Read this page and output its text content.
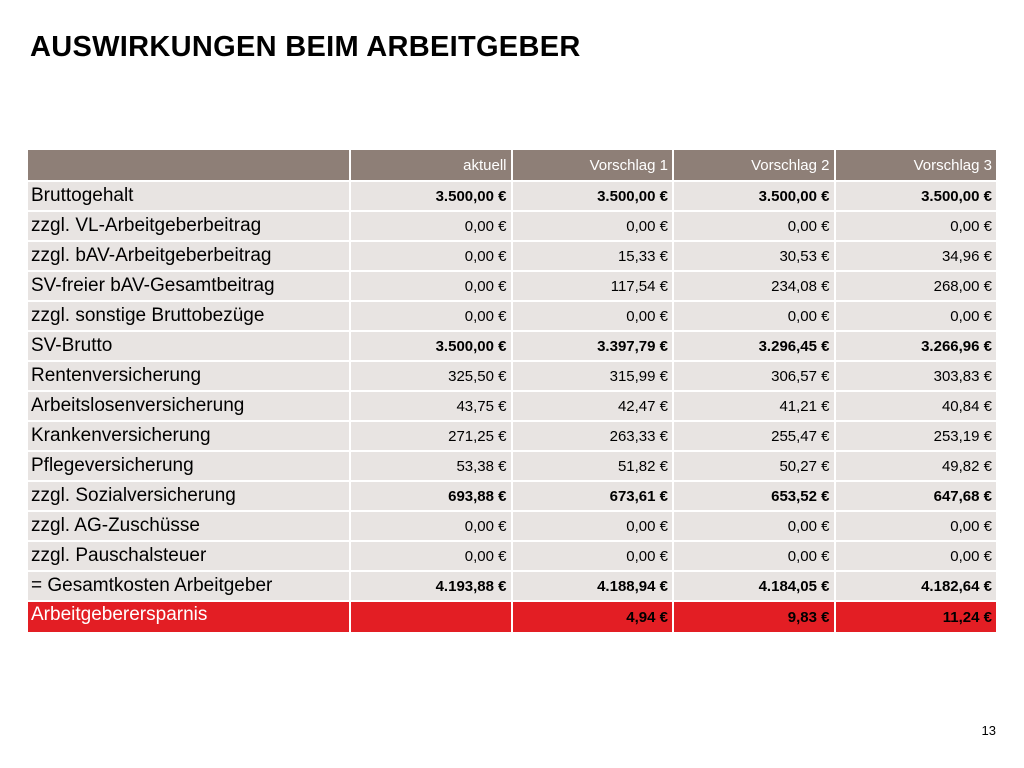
AUSWIRKUNGEN BEIM ARBEITGEBER
	aktuell	Vorschlag 1	Vorschlag 2	Vorschlag 3
Bruttogehalt	3.500,00 €	3.500,00 €	3.500,00 €	3.500,00 €
zzgl. VL-Arbeitgeberbeitrag	0,00 €	0,00 €	0,00 €	0,00 €
zzgl. bAV-Arbeitgeberbeitrag	0,00 €	15,33 €	30,53 €	34,96 €
SV-freier bAV-Gesamtbeitrag	0,00 €	117,54 €	234,08 €	268,00 €
zzgl. sonstige Bruttobezüge	0,00 €	0,00 €	0,00 €	0,00 €
SV-Brutto	3.500,00 €	3.397,79 €	3.296,45 €	3.266,96 €
Rentenversicherung	325,50 €	315,99 €	306,57 €	303,83 €
Arbeitslosenversicherung	43,75 €	42,47 €	41,21 €	40,84 €
Krankenversicherung	271,25 €	263,33 €	255,47 €	253,19 €
Pflegeversicherung	53,38 €	51,82 €	50,27 €	49,82 €
zzgl. Sozialversicherung	693,88 €	673,61 €	653,52 €	647,68 €
zzgl. AG-Zuschüsse	0,00 €	0,00 €	0,00 €	0,00 €
zzgl. Pauschalsteuer	0,00 €	0,00 €	0,00 €	0,00 €
= Gesamtkosten Arbeitgeber	4.193,88 €	4.188,94 €	4.184,05 €	4.182,64 €
Arbeitgeberersparnis		4,94 €	9,83 €	11,24 €
13
